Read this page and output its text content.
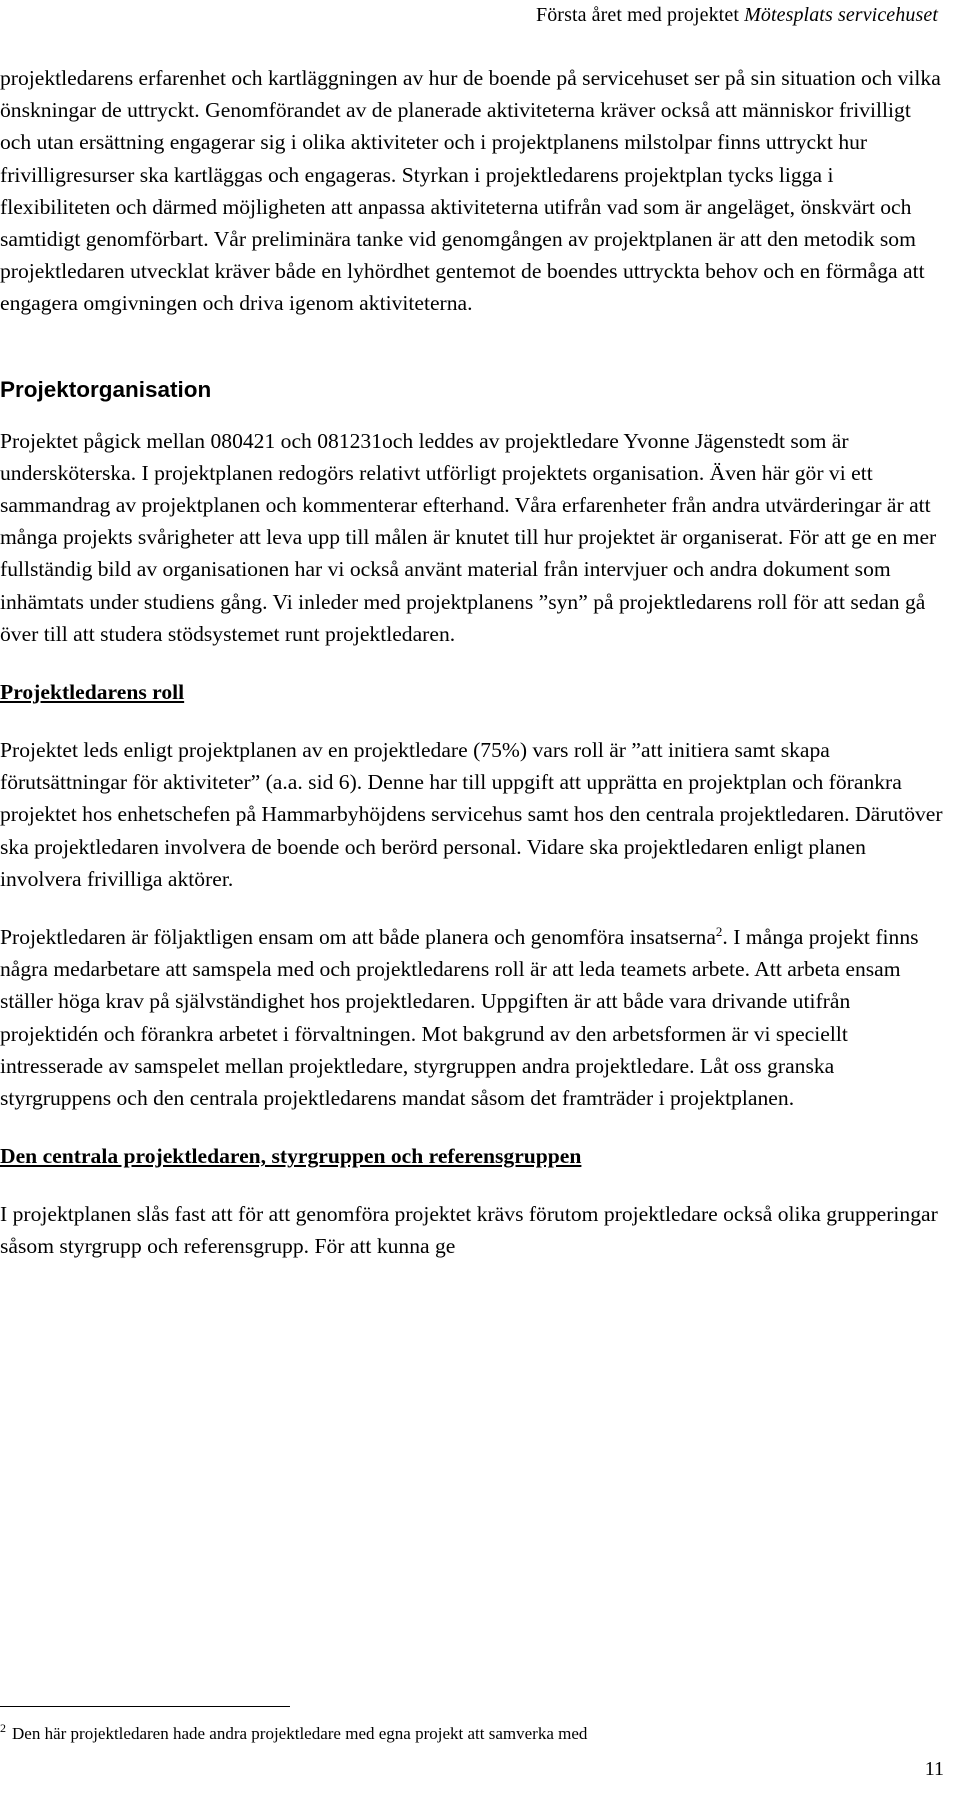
Första året med projektet Mötesplats servicehuset

projektledarens erfarenhet och kartläggningen av hur de boende på servicehuset ser på sin situation och vilka önskningar de uttryckt. Genomförandet av de planerade aktiviteterna kräver också att människor frivilligt och utan ersättning engagerar sig i olika aktiviteter och i projektplanens milstolpar finns uttryckt hur frivilligresurser ska kartläggas och engageras. Styrkan i projektledarens projektplan tycks ligga i flexibiliteten och därmed möjligheten att anpassa aktiviteterna utifrån vad som är angeläget, önskvärt och samtidigt genomförbart. Vår preliminära tanke vid genomgången av projektplanen är att den metodik som projektledaren utvecklat kräver både en lyhördhet gentemot de boendes uttryckta behov och en förmåga att engagera omgivningen och driva igenom aktiviteterna.

Projektorganisation

Projektet pågick mellan 080421 och 081231och leddes av projektledare Yvonne Jägenstedt som är undersköterska. I projektplanen redogörs relativt utförligt projektets organisation. Även här gör vi ett sammandrag av projektplanen och kommenterar efterhand. Våra erfarenheter från andra utvärderingar är att många projekts svårigheter att leva upp till målen är knutet till hur projektet är organiserat. För att ge en mer fullständig bild av organisationen har vi också använt material från intervjuer och andra dokument som inhämtats under studiens gång. Vi inleder med projektplanens ”syn” på projektledarens roll för att sedan gå över till att studera stödsystemet runt projektledaren.

Projektledarens roll

Projektet leds enligt projektplanen av en projektledare (75%) vars roll är ”att initiera samt skapa förutsättningar för aktiviteter” (a.a. sid 6). Denne har till uppgift att upprätta en projektplan och förankra projektet hos enhetschefen på Hammarbyhöjdens servicehus samt hos den centrala projektledaren. Därutöver ska projektledaren involvera de boende och berörd personal. Vidare ska projektledaren enligt planen involvera frivilliga aktörer.

Projektledaren är följaktligen ensam om att både planera och genomföra insatserna$^2$. I många projekt finns några medarbetare att samspela med och projektledarens roll är att leda teamets arbete. Att arbeta ensam ställer höga krav på självständighet hos projektledaren. Uppgiften är att både vara drivande utifrån projektidén och förankra arbetet i förvaltningen. Mot bakgrund av den arbetsformen är vi speciellt intresserade av samspelet mellan projektledare, styrgruppen andra projektledare. Låt oss granska styrgruppens och den centrala projektledarens mandat såsom det framträder i projektplanen.

Den centrala projektledaren, styrgruppen och referensgruppen

I projektplanen slås fast att för att genomföra projektet krävs förutom projektledare också olika grupperingar såsom styrgrupp och referensgrupp. För att kunna ge

$^2$ Den här projektledaren hade andra projektledare med egna projekt att samverka med
11
